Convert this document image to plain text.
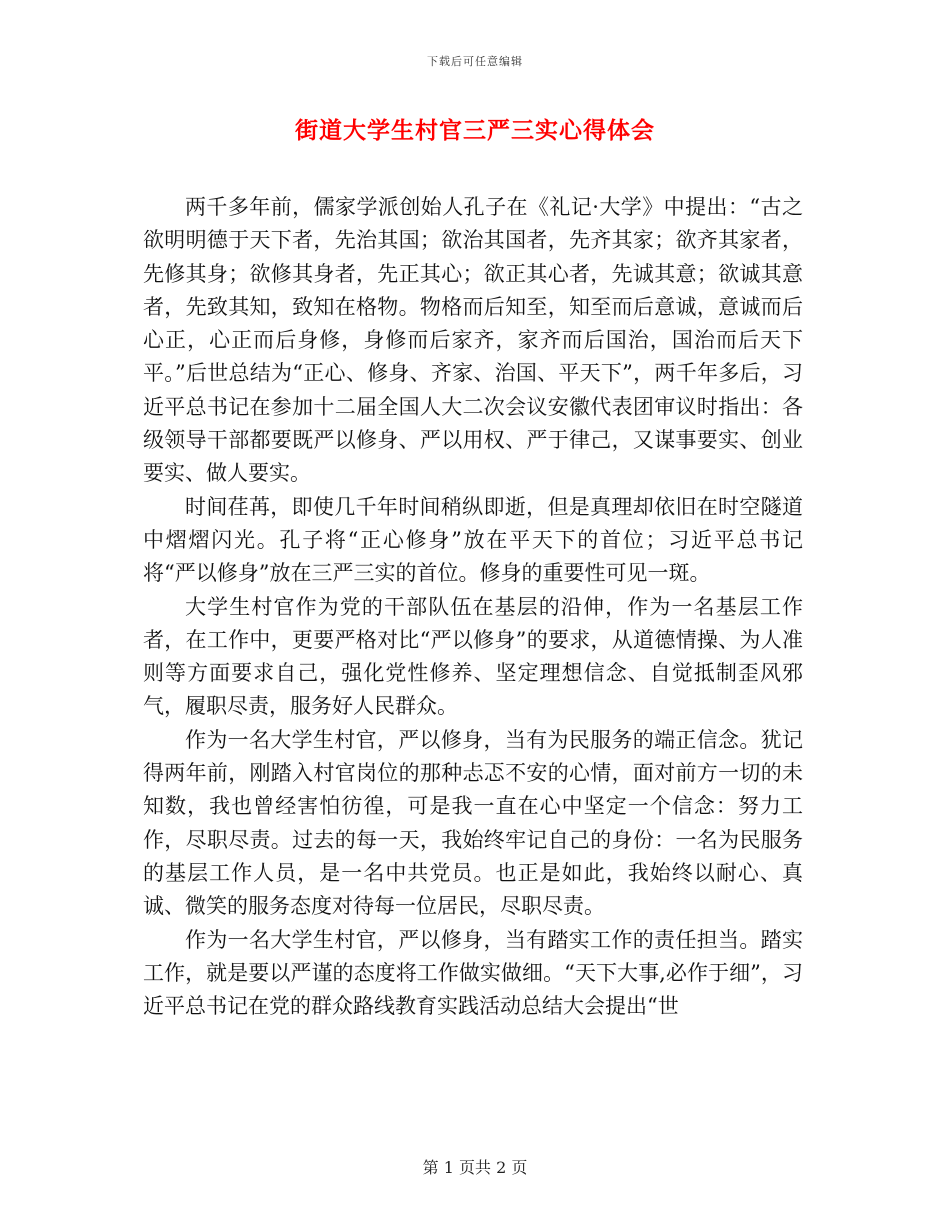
下载后可任意编辑
街道大学生村官三严三实心得体会

两千多年前，儒家学派创始人孔子在《礼记·大学》中提出：“古之欲明明德于天下者，先治其国；欲治其国者，先齐其家；欲齐其家者，先修其身；欲修其身者，先正其心；欲正其心者，先诚其意；欲诚其意者，先致其知，致知在格物。物格而后知至，知至而后意诚，意诚而后心正，心正而后身修，身修而后家齐，家齐而后国治，国治而后天下平。”后世总结为“正心、修身、齐家、治国、平天下”，两千年多后，习近平总书记在参加十二届全国人大二次会议安徽代表团审议时指出：各级领导干部都要既严以修身、严以用权、严于律己，又谋事要实、创业要实、做人要实。

时间荏苒，即使几千年时间稍纵即逝，但是真理却依旧在时空隧道中熠熠闪光。孔子将“正心修身”放在平天下的首位；习近平总书记将“严以修身”放在三严三实的首位。修身的重要性可见一斑。

大学生村官作为党的干部队伍在基层的沿伸，作为一名基层工作者，在工作中，更要严格对比“严以修身”的要求，从道德情操、为人准则等方面要求自己，强化党性修养、坚定理想信念、自觉抵制歪风邪气，履职尽责，服务好人民群众。

作为一名大学生村官，严以修身，当有为民服务的端正信念。犹记得两年前，刚踏入村官岗位的那种忐忑不安的心情，面对前方一切的未知数，我也曾经害怕彷徨，可是我一直在心中坚定一个信念：努力工作，尽职尽责。过去的每一天，我始终牢记自己的身份：一名为民服务的基层工作人员，是一名中共党员。也正是如此，我始终以耐心、真诚、微笑的服务态度对待每一位居民，尽职尽责。

作为一名大学生村官，严以修身，当有踏实工作的责任担当。踏实工作，就是要以严谨的态度将工作做实做细。“天下大事,必作于细”，习近平总书记在党的群众路线教育实践活动总结大会提出“世

第 1 页共 2 页
